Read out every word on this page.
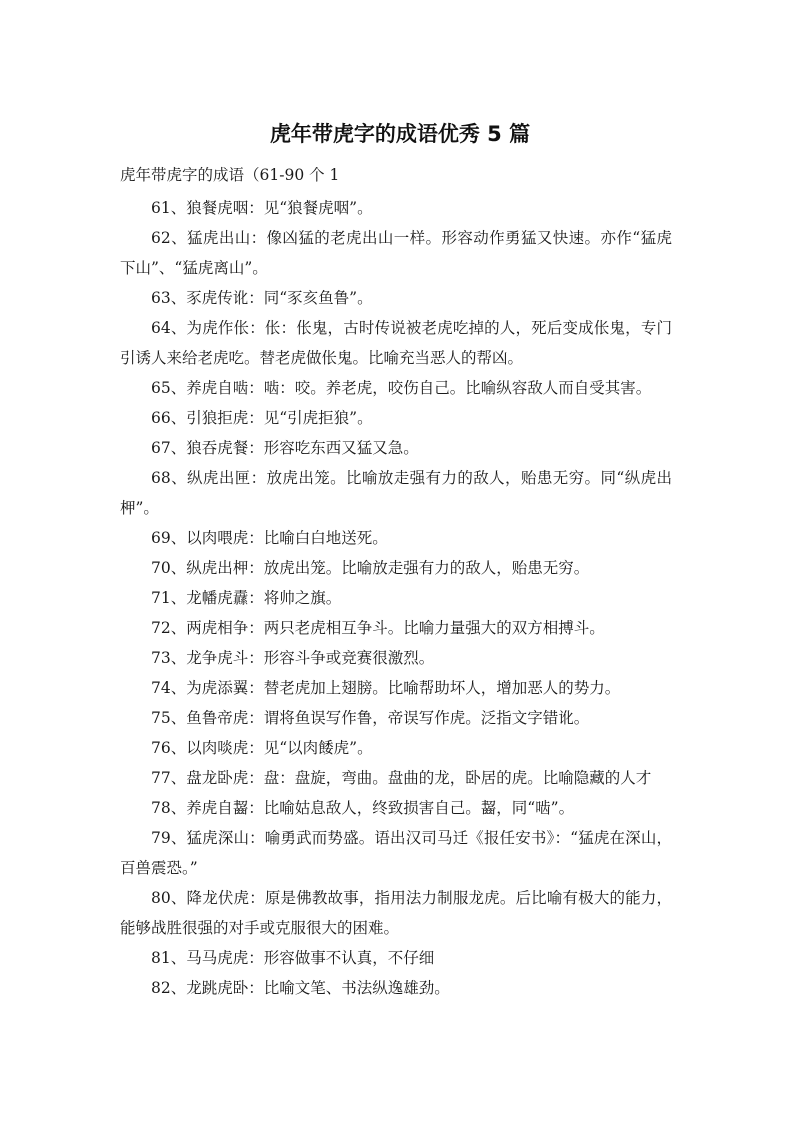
虎年带虎字的成语优秀 5 篇
虎年带虎字的成语（61-90 个 1

61、狼餐虎咽：见“狼餐虎咽”。

62、猛虎出山：像凶猛的老虎出山一样。形容动作勇猛又快速。亦作“猛虎下山”、“猛虎离山”。

63、豕虎传讹：同“豕亥鱼鲁”。

64、为虎作伥：伥：伥鬼，古时传说被老虎吃掉的人，死后变成伥鬼，专门引诱人来给老虎吃。替老虎做伥鬼。比喻充当恶人的帮凶。

65、养虎自啮：啮：咬。养老虎，咬伤自己。比喻纵容敌人而自受其害。

66、引狼拒虎：见“引虎拒狼”。

67、狼吞虎餐：形容吃东西又猛又急。

68、纵虎出匣：放虎出笼。比喻放走强有力的敌人，贻患无穷。同“纵虎出柙”。

69、以肉喂虎：比喻白白地送死。

70、纵虎出柙：放虎出笼。比喻放走强有力的敌人，贻患无穷。

71、龙幡虎纛：将帅之旗。

72、两虎相争：两只老虎相互争斗。比喻力量强大的双方相搏斗。

73、龙争虎斗：形容斗争或竞赛很激烈。

74、为虎添翼：替老虎加上翅膀。比喻帮助坏人，增加恶人的势力。

75、鱼鲁帝虎：谓将鱼误写作鲁，帝误写作虎。泛指文字错讹。

76、以肉啖虎：见“以肉餧虎”。

77、盘龙卧虎：盘：盘旋，弯曲。盘曲的龙，卧居的虎。比喻隐藏的人才

78、养虎自齧：比喻姑息敌人，终致损害自己。齧，同“啮”。

79、猛虎深山：喻勇武而势盛。语出汉司马迁《报任安书》：“猛虎在深山，百兽震恐。”

80、降龙伏虎：原是佛教故事，指用法力制服龙虎。后比喻有极大的能力，能够战胜很强的对手或克服很大的困难。

81、马马虎虎：形容做事不认真，不仔细

82、龙跳虎卧：比喻文笔、书法纵逸雄劲。
